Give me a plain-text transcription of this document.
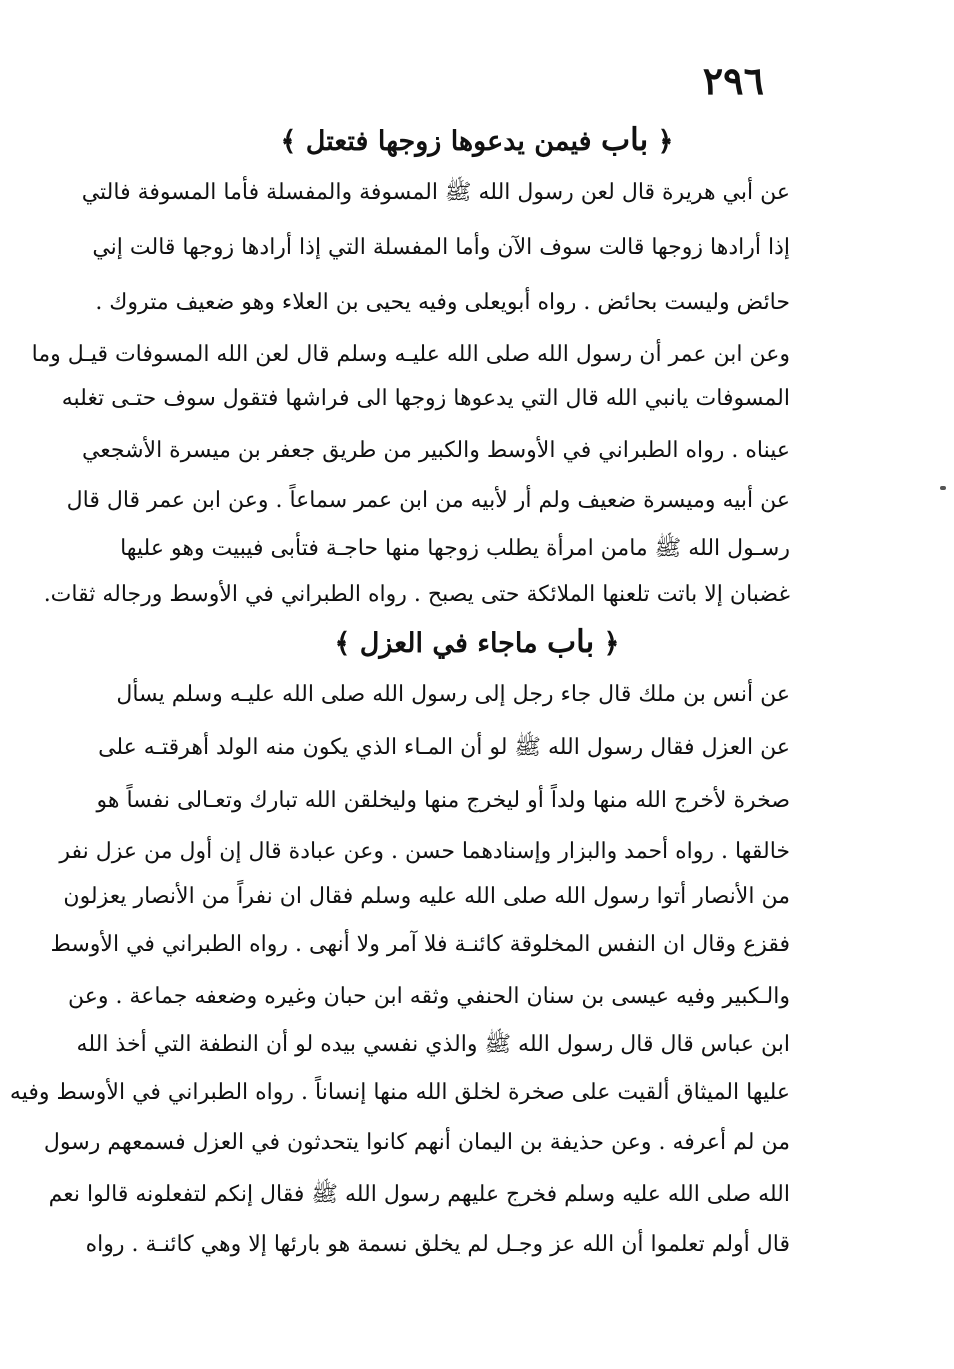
٢٩٦
﴿ باب فيمن يدعوها زوجها فتعتل ﴾
عن أبي هريرة قال لعن رسول الله ﷺ المسوفة والمفسلة فأما المسوفة فالتي
إذا أرادها زوجها قالت سوف الآن وأما المفسلة التي إذا أرادها زوجها قالت إني
حائض وليست بحائض . رواه أبويعلى وفيه يحيى بن العلاء وهو ضعيف متروك .
وعن ابن عمر أن رسول الله صلى الله عليـه وسلم قال لعن الله المسوفات قيـل وما
المسوفات يانبي الله قال التي يدعوها زوجها الى فراشها فتقول سوف حتـى تغلبه
عيناه . رواه الطبراني في الأوسط والكبير من طريق جعفر بن ميسرة الأشجعي
عن أبيه وميسرة ضعيف ولم أر لأبيه من ابن عمر سماعاً . وعن ابن عمر قال قال
رسـول الله ﷺ مامن امرأة يطلب زوجها منها حاجـة فتأبى فيبيت وهو عليها
غضبان إلا باتت تلعنها الملائكة حتى يصبح . رواه الطبراني في الأوسط ورجاله ثقات.
﴿ باب ماجاء في العزل ﴾
عن أنس بن ملك قال جاء رجل إلى رسول الله صلى الله عليـه وسلم يسأل
عن العزل فقال رسول الله ﷺ لو أن المـاء الذي يكون منه الولد أهرقتـه على
صخرة لأخرج الله منها ولداً أو ليخرج منها وليخلقن الله تبارك وتعـالى نفساً هو
خالقها . رواه أحمد والبزار وإسنادهما حسن . وعن عبادة قال إن أول من عزل نفر
من الأنصار أتوا رسول الله صلى الله عليه وسلم فقال ان نفراً من الأنصار يعزلون
فقزع وقال ان النفس المخلوقة كائنـة فلا آمر ولا أنهى . رواه الطبراني في الأوسط
والـكبير وفيه عيسى بن سنان الحنفي وثقه ابن حبان وغيره وضعفه جماعة . وعن
ابن عباس قال قال رسول الله ﷺ والذي نفسي بيده لو أن النطفة التي أخذ الله
عليها الميثاق ألقيت على صخرة لخلق الله منها إنساناً . رواه الطبراني في الأوسط وفيه
من لم أعرفه . وعن حذيفة بن اليمان أنهم كانوا يتحدثون في العزل فسمعهم رسول
الله صلى الله عليه وسلم فخرج عليهم رسول الله ﷺ فقال إنكم لتفعلونه قالوا نعم
قال أولم تعلموا أن الله عز وجـل لم يخلق نسمة هو بارئها إلا وهي كائنـة . رواه
